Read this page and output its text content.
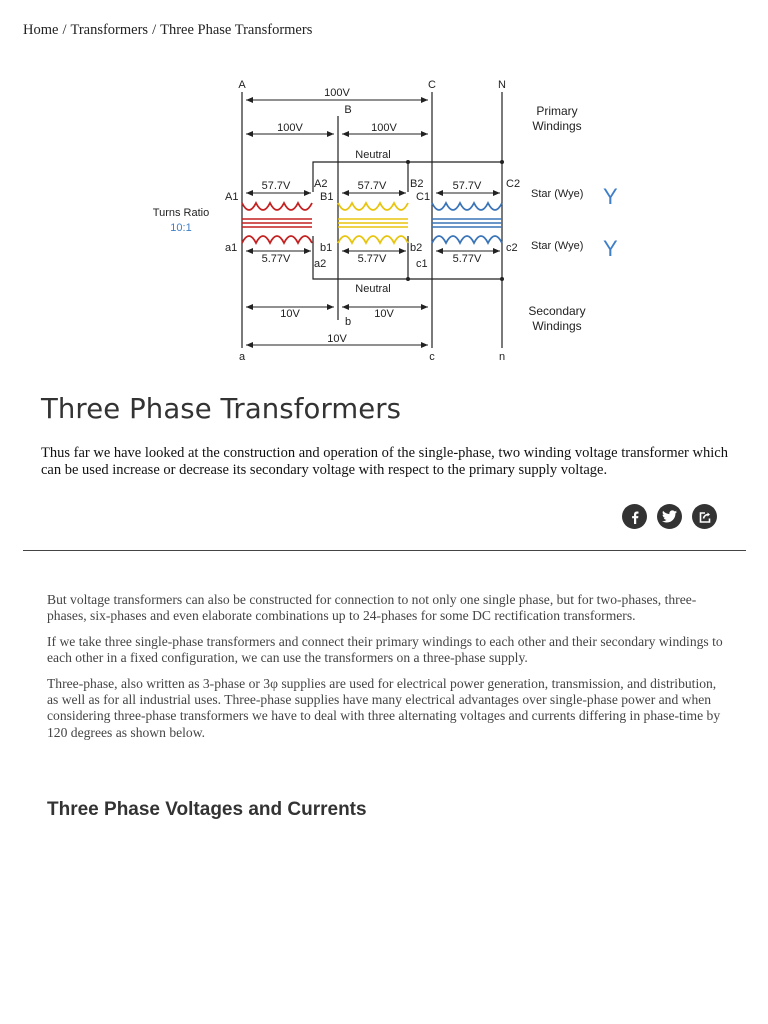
Home / Transformers / Three Phase Transformers
A
B
C	N
100V
100V	100V
Neutral
57.7V	57.7V	57.7V
5.77V	5.77V	5.77V
Neutral
10V	10V
10V
b
a	c	n
Turns Ratio
10:1
Primary
Windings
Secondary
Windings
A1
A2
B1
B2
C1
C2
a1	b1
a2
b2
c1
c2
Star (Wye)
Star (Wye)
Y
Y
Three Phase Transformers

Thus far we have looked at the construction and operation of the single-phase, two winding voltage transformer which can be used increase or decrease its secondary voltage with respect to the primary supply voltage.

But voltage transformers can also be constructed for connection to not only one single phase, but for two-phases, three-phases, six-phases and even elaborate combinations up to 24-phases for some DC rectification transformers.

If we take three single-phase transformers and connect their primary windings to each other and their secondary windings to each other in a fixed configuration, we can use the transformers on a three-phase supply.

Three-phase, also written as 3-phase or 3φ supplies are used for electrical power generation, transmission, and distribution, as well as for all industrial uses. Three-phase supplies have many electrical advantages over single-phase power and when considering three-phase transformers we have to deal with three alternating voltages and currents differing in phase-time by 120 degrees as shown below.

Three Phase Voltages and Currents
